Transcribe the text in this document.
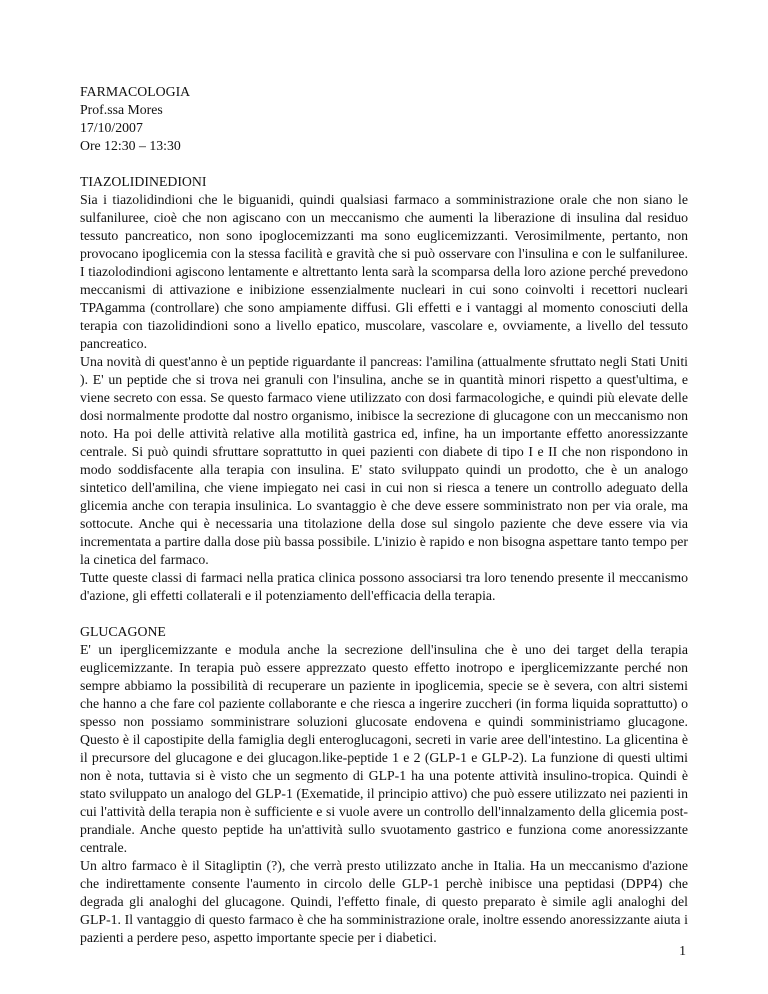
FARMACOLOGIA
Prof.ssa Mores
17/10/2007
Ore 12:30 – 13:30
TIAZOLIDINEDIONI

Sia i tiazolidindioni che le biguanidi, quindi qualsiasi farmaco a somministrazione orale che non siano le sulfaniluree, cioè che non agiscano con un meccanismo che aumenti la liberazione di insulina dal residuo tessuto pancreatico, non sono ipoglocemizzanti ma sono euglicemizzanti. Verosimilmente, pertanto, non provocano ipoglicemia con la stessa facilità e gravità che si può osservare con l'insulina e con le sulfaniluree. I tiazolodindioni agiscono lentamente e altrettanto lenta sarà la scomparsa della loro azione perché prevedono meccanismi di attivazione e inibizione essenzialmente nucleari in cui sono coinvolti i recettori nucleari TPAgamma (controllare) che sono ampiamente diffusi. Gli effetti e i vantaggi al momento conosciuti della terapia con tiazolidindioni sono a livello epatico, muscolare, vascolare e, ovviamente, a livello del tessuto pancreatico.

Una novità di quest'anno è un peptide riguardante il pancreas: l'amilina (attualmente sfruttato negli Stati Uniti ). E' un peptide che si trova nei granuli con l'insulina, anche se in quantità minori rispetto a quest'ultima, e viene secreto con essa. Se questo farmaco viene utilizzato con dosi farmacologiche, e quindi più elevate delle dosi normalmente prodotte dal nostro organismo, inibisce la secrezione di glucagone con un meccanismo non noto. Ha poi delle attività relative alla motilità gastrica ed, infine, ha un importante effetto anoressizzante centrale. Si può quindi sfruttare soprattutto in quei pazienti con diabete di tipo I e II che non rispondono in modo soddisfacente alla terapia con insulina. E' stato sviluppato quindi un prodotto, che è un analogo sintetico dell'amilina, che viene impiegato nei casi in cui non si riesca a tenere un controllo adeguato della glicemia anche con terapia insulinica. Lo svantaggio è che deve essere somministrato non per via orale, ma sottocute. Anche qui è necessaria una titolazione della dose sul singolo paziente che deve essere via via incrementata a partire dalla dose più bassa possibile. L'inizio è rapido e non bisogna aspettare tanto tempo per la cinetica del farmaco.

Tutte queste classi di farmaci nella pratica clinica possono associarsi tra loro tenendo presente il meccanismo d'azione, gli effetti collaterali e il potenziamento dell'efficacia della terapia.

GLUCAGONE

E' un iperglicemizzante e modula anche la secrezione dell'insulina che è uno dei target della terapia euglicemizzante. In terapia può essere apprezzato questo effetto inotropo e iperglicemizzante perché non sempre abbiamo la possibilità di recuperare un paziente in ipoglicemia, specie se è severa, con altri sistemi che hanno a che fare col paziente collaborante e che riesca a ingerire zuccheri (in forma liquida soprattutto) o spesso non possiamo somministrare soluzioni glucosate endovena e quindi somministriamo glucagone. Questo è il capostipite della famiglia degli enteroglucagoni, secreti in varie aree dell'intestino. La glicentina è il precursore del glucagone e dei glucagon.like-peptide 1 e 2 (GLP-1 e GLP-2). La funzione di questi ultimi non è nota, tuttavia si è visto che un segmento di GLP-1 ha una potente attività insulino-tropica. Quindi è stato sviluppato un analogo del GLP-1 (Exematide, il principio attivo) che può essere utilizzato nei pazienti in cui l'attività della terapia non è sufficiente e si vuole avere un controllo dell'innalzamento della glicemia post-prandiale. Anche questo peptide ha un'attività sullo svuotamento gastrico e funziona come anoressizzante centrale.

Un altro farmaco è il Sitagliptin (?), che verrà presto utilizzato anche in Italia. Ha un meccanismo d'azione che indirettamente consente l'aumento in circolo delle GLP-1 perchè inibisce una peptidasi (DPP4) che degrada gli analoghi del glucagone. Quindi, l'effetto finale, di questo preparato è simile agli analoghi del GLP-1. Il vantaggio di questo farmaco è che ha somministrazione orale, inoltre essendo anoressizzante aiuta i pazienti a perdere peso, aspetto importante specie per i diabetici.

1
